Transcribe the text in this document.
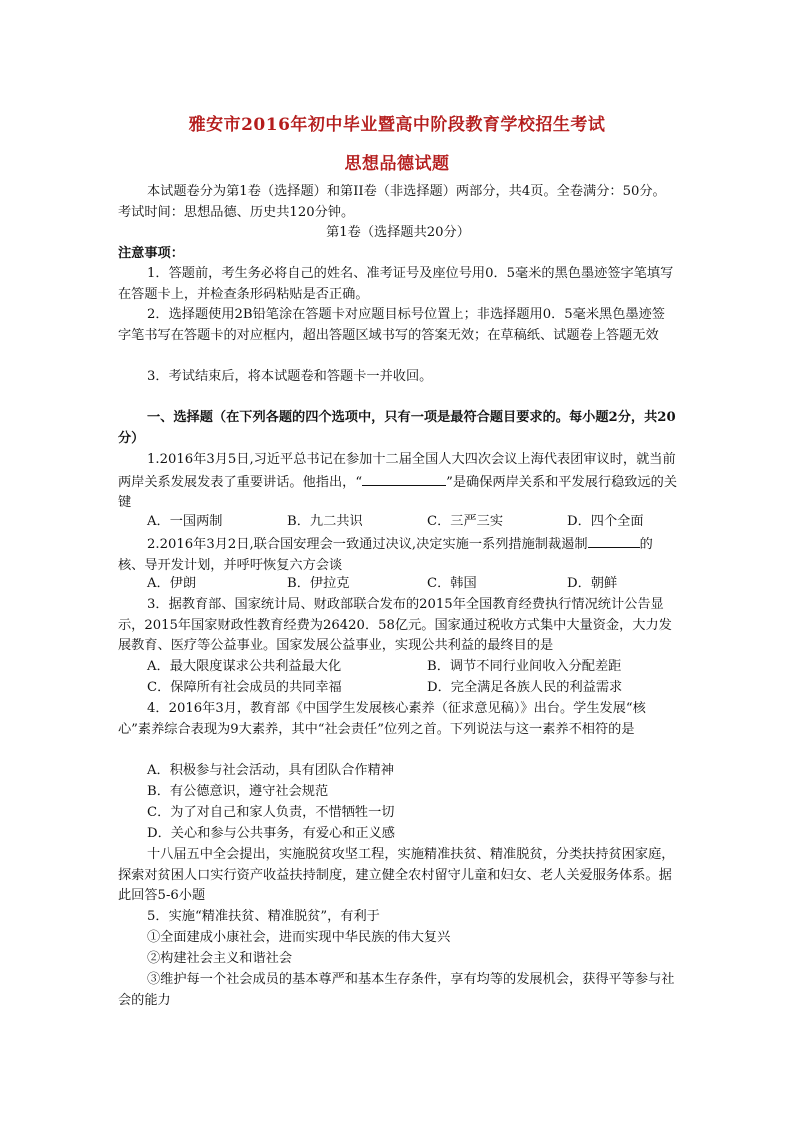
雅安市2016年初中毕业暨高中阶段教育学校招生考试
思想品德试题
本试题卷分为第1卷（选择题）和第II卷（非选择题）两部分，共4页。全卷满分：50分。考试时间：思想品德、历史共120分钟。
第1卷（选择题共20分）
注意事项：
1．答题前，考生务必将自己的姓名、准考证号及座位号用0．5毫米的黑色墨迹签字笔填写在答题卡上，并检查条形码粘贴是否正确。
2．选择题使用2B铅笔涂在答题卡对应题目标号位置上；非选择题用0．5毫米黑色墨迹签字笔书写在答题卡的对应框内，超出答题区域书写的答案无效；在草稿纸、试题卷上答题无效
3．考试结束后，将本试题卷和答题卡一并收回。
一、选择题（在下列各题的四个选项中，只有一项是最符合题目要求的。每小题2分，共20分）
1.2016年3月5日,习近平总书记在参加十二届全国人大四次会议上海代表团审议时，就当前两岸关系发展发表了重要讲话。他指出，“	”是确保两岸关系和平发展行稳致远的关键
A．一国两制	B．九二共识	C．三严三实	D．四个全面
2.2016年3月2日,联合国安理会一致通过决议,决定实施一系列措施制裁遏制	的核、导开发计划，并呼吁恢复六方会谈
A．伊朗	B．伊拉克	C．韩国	D．朝鲜
3．据教育部、国家统计局、财政部联合发布的2015年全国教育经费执行情况统计公告显示，2015年国家财政性教育经费为26420．58亿元。国家通过税收方式集中大量资金，大力发展教育、医疗等公益事业。国家发展公益事业，实现公共利益的最终目的是
A．最大限度谋求公共利益最大化	B．调节不同行业间收入分配差距
C．保障所有社会成员的共同幸福	D．完全满足各族人民的利益需求
4．2016年3月，教育部《中国学生发展核心素养（征求意见稿）》出台。学生发展“核心”素养综合表现为9大素养，其中“社会责任”位列之首。下列说法与这一素养不相符的是
A．积极参与社会活动，具有团队合作精神
B．有公德意识，遵守社会规范
C．为了对自己和家人负责，不惜牺牲一切
D．关心和参与公共事务，有爱心和正义感
十八届五中全会提出，实施脱贫攻坚工程，实施精准扶贫、精准脱贫，分类扶持贫困家庭，探索对贫困人口实行资产收益扶持制度，建立健全农村留守儿童和妇女、老人关爱服务体系。据此回答5-6小题
5．实施“精准扶贫、精准脱贫”，有利于
①全面建成小康社会，进而实现中华民族的伟大复兴
②构建社会主义和谐社会
③维护每一个社会成员的基本尊严和基本生存条件，享有均等的发展机会，获得平等参与社会的能力
